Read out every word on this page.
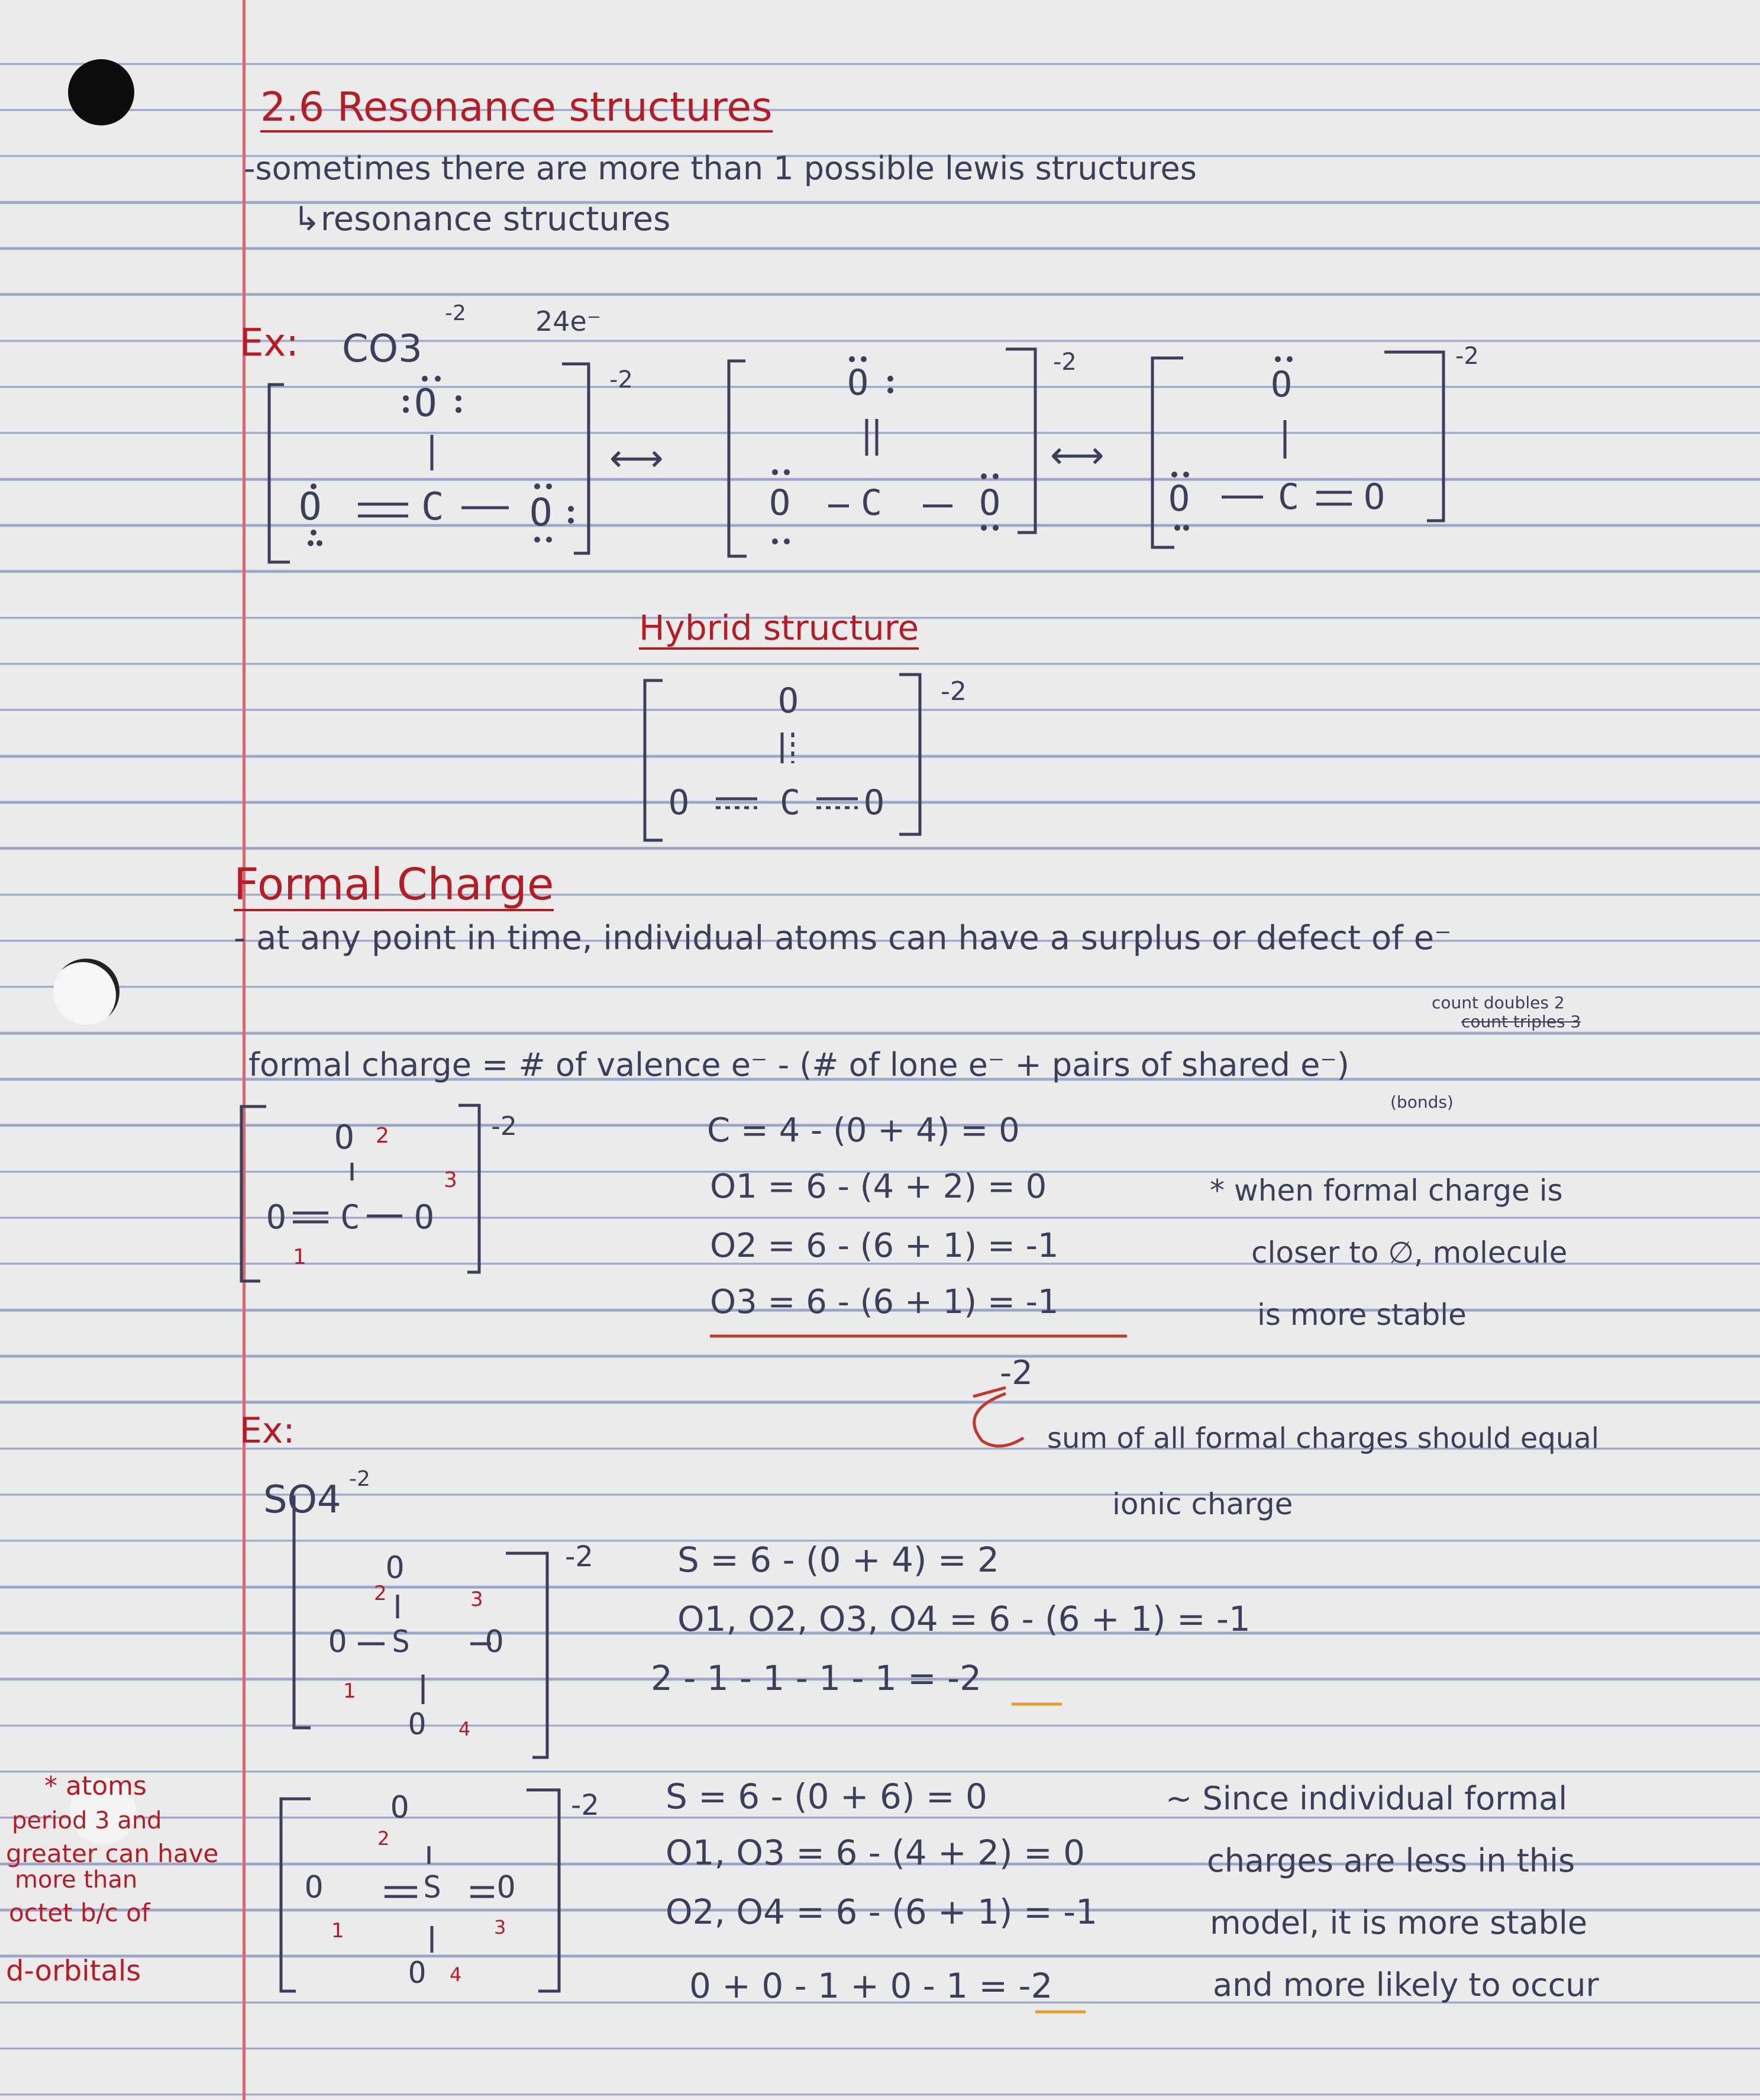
2.6 Resonance structures
-sometimes there are more than 1 possible lewis structures
↳resonance structures
Ex: CO3
-2	24e⁻
O
O	C O
-2
⟷
O
O C	O
-2
⟷
O
O C O
-2
Hybrid structure
O
O	C O
-2
Formal Charge
- at any point in time, individual atoms can have a surplus or defect of e⁻
count doubles 2
count triples 3
formal charge = # of valence e⁻ - (# of lone e⁻ + pairs of shared e⁻)
(bonds)
O
O C O
-2
2
3
1
C = 4 - (0 + 4) = 0
O1 = 6 - (4 + 2) = 0
O2 = 6 - (6 + 1) = -1
O3 = 6 - (6 + 1) = -1
-2
* when formal charge is
closer to ∅, molecule
is more stable
sum of all formal charges should equal
ionic charge
Ex:
SO4 -2
O
O S O
O
-2
2
1
3
4
S = 6 - (0 + 4) = 2
O1, O2, O3, O4 = 6 - (6 + 1) = -1
2 - 1 - 1 - 1 - 1 = -2
* atoms
period 3 and
greater can have
more than
octet b/c of
d-orbitals
O
O	S O
O
-2
2
1	3
4
S = 6 - (0 + 6) = 0
O1, O3 = 6 - (4 + 2) = 0
O2, O4 = 6 - (6 + 1) = -1
0 + 0 - 1 + 0 - 1 = -2
~ Since individual formal
charges are less in this
model, it is more stable
and more likely to occur
